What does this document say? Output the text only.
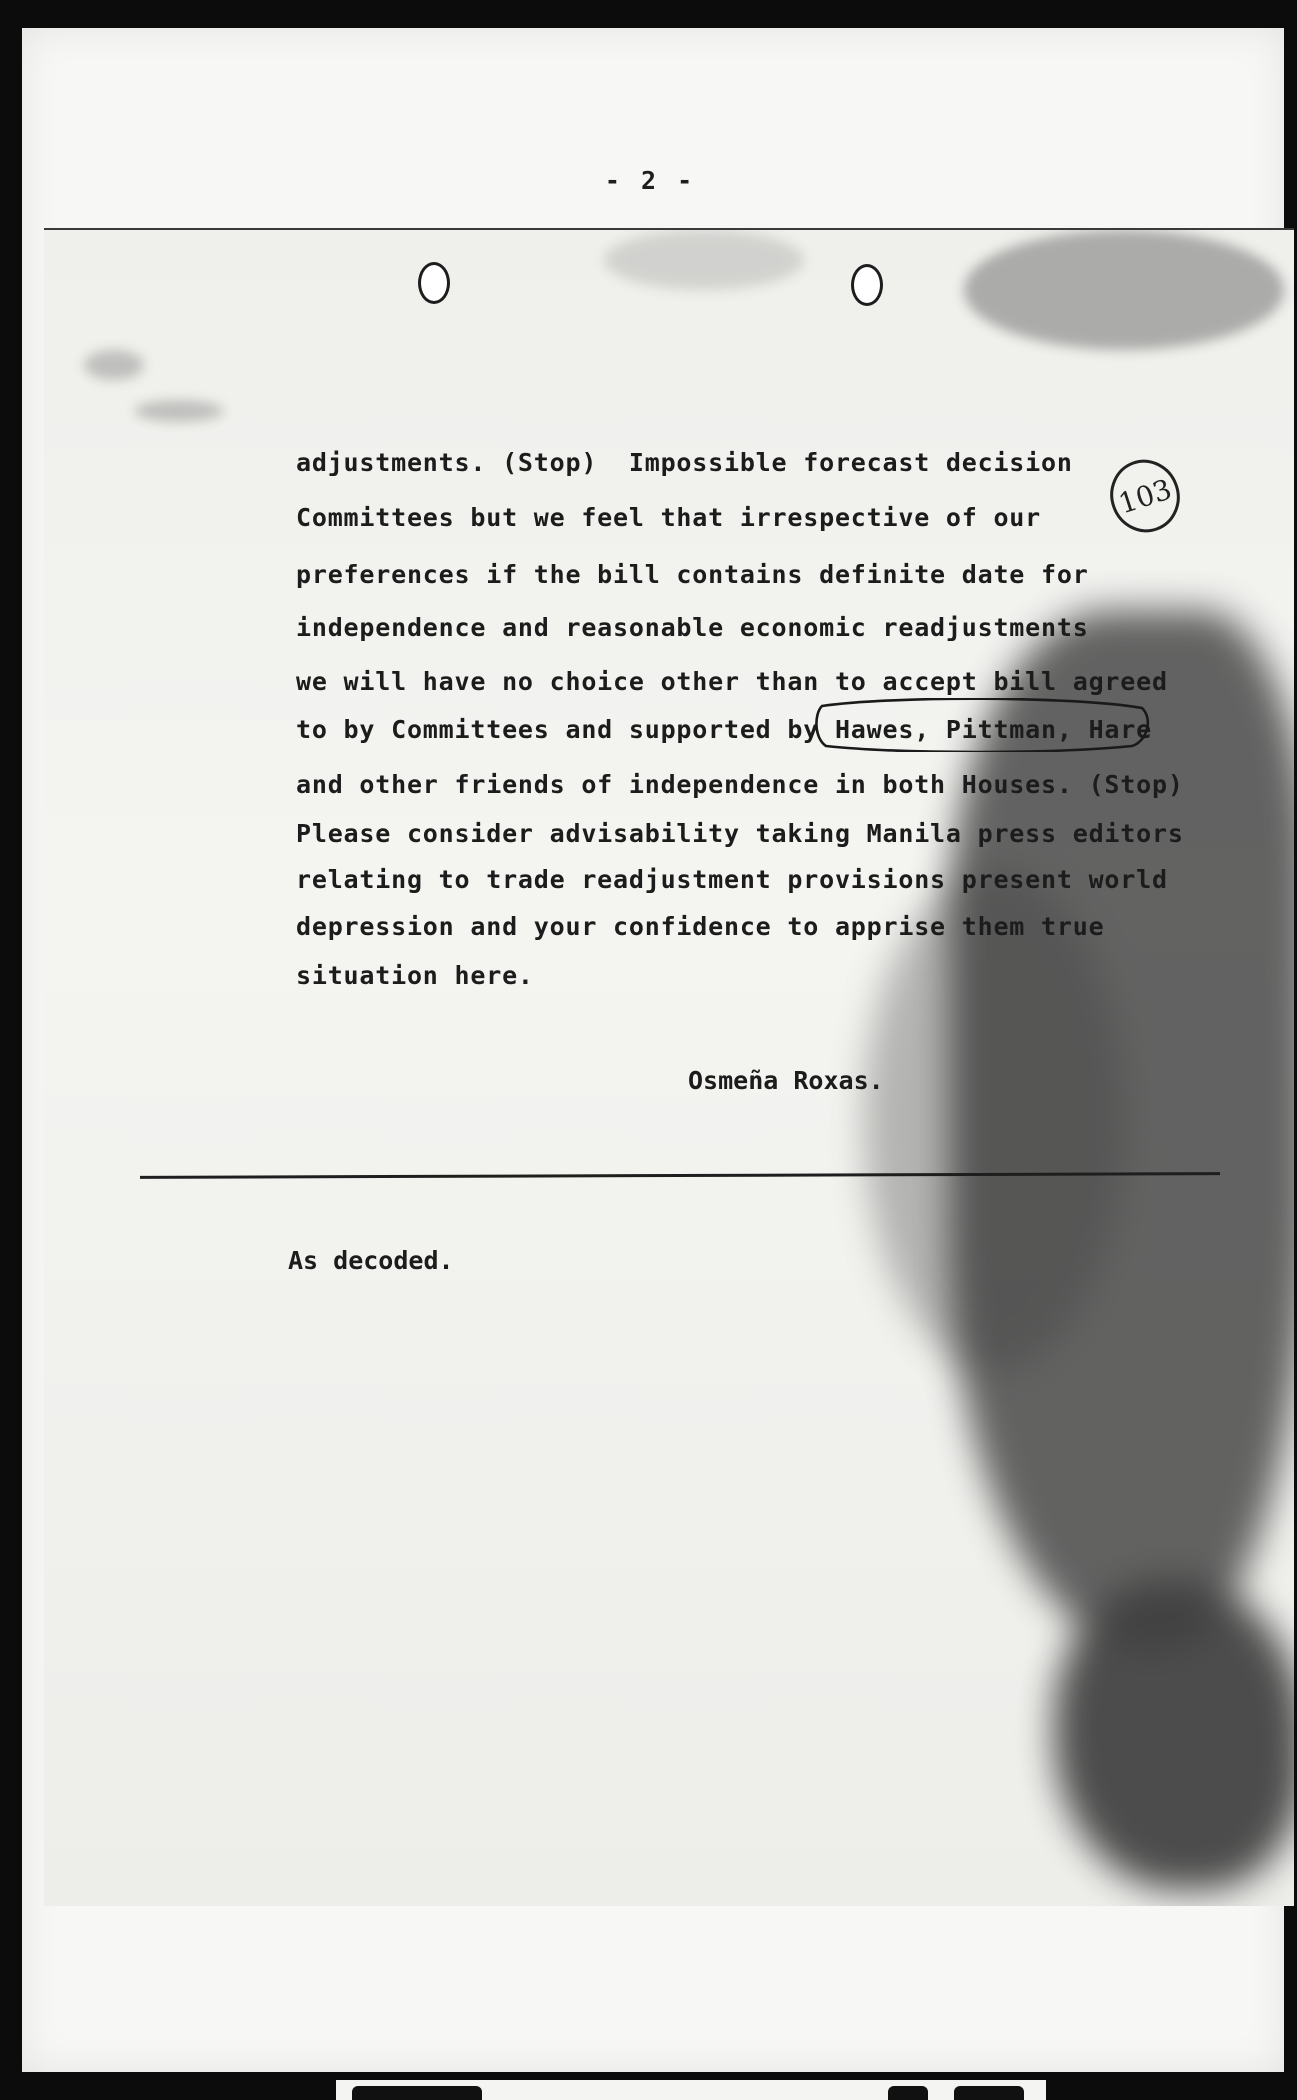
- 2 -
103
adjustments. (Stop)  Impossible forecast decision
Committees but we feel that irrespective of our
preferences if the bill contains definite date for
independence and reasonable economic readjustments
we will have no choice other than to accept bill agreed
to by Committees and supported by Hawes, Pittman, Hare
and other friends of independence in both Houses. (Stop)
Please consider advisability taking Manila press editors
relating to trade readjustment provisions present world
depression and your confidence to apprise them true
situation here.
Osmeña Roxas.
As decoded.
